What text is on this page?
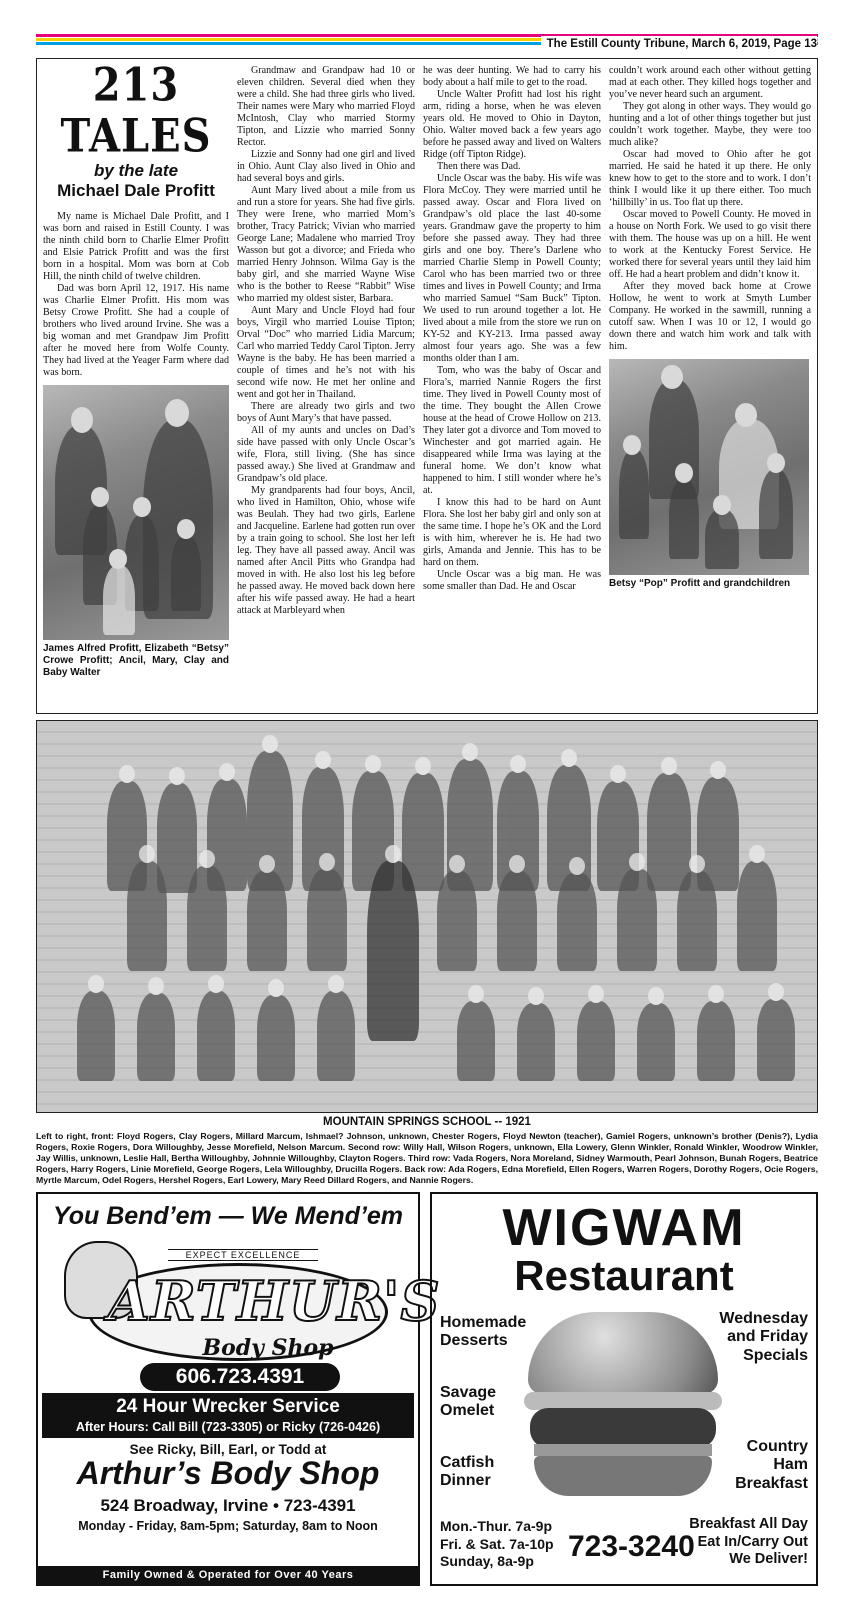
The Estill County Tribune, March 6, 2019, Page 13
213 TALES
by the late
Michael Dale Profitt

My name is Michael Dale Profitt, and I was born and raised in Estill County. I was the ninth child born to Charlie Elmer Profitt and Elsie Patrick Profitt and was the first born in a hospital. Mom was born at Cob Hill, the ninth child of twelve children.

Dad was born April 12, 1917. His name was Charlie Elmer Profitt. His mom was Betsy Crowe Profitt. She had a couple of brothers who lived around Irvine. She was a big woman and met Grandpaw Jim Profitt after he moved here from Wolfe County. They had lived at the Yeager Farm where dad was born.

James Alfred Profitt, Elizabeth “Betsy” Crowe Profitt; Ancil, Mary, Clay and Baby Walter

Grandmaw and Grandpaw had 10 or eleven children. Several died when they were a child. She had three girls who lived. Their names were Mary who married Floyd McIntosh, Clay who married Stormy Tipton, and Lizzie who married Sonny Rector.

Lizzie and Sonny had one girl and lived in Ohio. Aunt Clay also lived in Ohio and had several boys and girls.

Aunt Mary lived about a mile from us and run a store for years. She had five girls. They were Irene, who married Mom’s brother, Tracy Patrick; Vivian who married George Lane; Madalene who married Troy Wasson but got a divorce; and Frieda who married Henry Johnson. Wilma Gay is the baby girl, and she married Wayne Wise who is the bother to Reese “Rabbit” Wise who married my oldest sister, Barbara.

Aunt Mary and Uncle Floyd had four boys, Virgil who married Louise Tipton; Orval “Doc” who married Lidia Marcum; Carl who married Teddy Carol Tipton. Jerry Wayne is the baby. He has been married a couple of times and he’s not with his second wife now. He met her online and went and got her in Thailand.

There are already two girls and two boys of Aunt Mary’s that have passed.

All of my aunts and uncles on Dad’s side have passed with only Uncle Oscar’s wife, Flora, still living. (She has since passed away.) She lived at Grandmaw and Grandpaw’s old place.

My grandparents had four boys, Ancil, who lived in Hamilton, Ohio, whose wife was Beulah. They had two girls, Earlene and Jacqueline. Earlene had gotten run over by a train going to school. She lost her left leg. They have all passed away. Ancil was named after Ancil Pitts who Grandpa had moved in with. He also lost his leg before he passed away. He moved back down here after his wife passed away. He had a heart attack at Marbleyard when

he was deer hunting. We had to carry his body about a half mile to get to the road.

Uncle Walter Profitt had lost his right arm, riding a horse, when he was eleven years old. He moved to Ohio in Dayton, Ohio. Walter moved back a few years ago before he passed away and lived on Walters Ridge (off Tipton Ridge).

Then there was Dad.

Uncle Oscar was the baby. His wife was Flora McCoy. They were married until he passed away. Oscar and Flora lived on Grandpaw’s old place the last 40-some years. Grandmaw gave the property to him before she passed away. They had three girls and one boy. There’s Darlene who married Charlie Slemp in Powell County; Carol who has been married two or three times and lives in Powell County; and Irma who married Samuel “Sam Buck” Tipton. We used to run around together a lot. He lived about a mile from the store we run on KY-52 and KY-213. Irma passed away almost four years ago. She was a few months older than I am.

Tom, who was the baby of Oscar and Flora’s, married Nannie Rogers the first time. They lived in Powell County most of the time. They bought the Allen Crowe house at the head of Crowe Hollow on 213. They later got a divorce and Tom moved to Winchester and got married again. He disappeared while Irma was laying at the funeral home. We don’t know what happened to him. I still wonder where he’s at.

I know this had to be hard on Aunt Flora. She lost her baby girl and only son at the same time. I hope he’s OK and the Lord is with him, wherever he is. He had two girls, Amanda and Jennie. This has to be hard on them.

Uncle Oscar was a big man. He was some smaller than Dad. He and Oscar

couldn’t work around each other without getting mad at each other. They killed hogs together and you’ve never heard such an argument.

They got along in other ways. They would go hunting and a lot of other things together but just couldn’t work together. Maybe, they were too much alike?

Oscar had moved to Ohio after he got married. He said he hated it up there. He only knew how to get to the store and to work. I don’t think I would like it up there either. Too much ‘hillbilly’ in us. Too flat up there.

Oscar moved to Powell County. He moved in a house on North Fork. We used to go visit there with them. The house was up on a hill. He went to work at the Kentucky Forest Service. He worked there for several years until they laid him off. He had a heart problem and didn’t know it.

After they moved back home at Crowe Hollow, he went to work at Smyth Lumber Company. He worked in the sawmill, running a cutoff saw. When I was 10 or 12, I would go down there and watch him work and talk with him.

Betsy “Pop” Profitt and grandchildren
MOUNTAIN SPRINGS SCHOOL -- 1921
Left to right, front: Floyd Rogers, Clay Rogers, Millard Marcum, Ishmael? Johnson, unknown, Chester Rogers, Floyd Newton (teacher), Gamiel Rogers, unknown’s brother (Denis?), Lydia Rogers, Roxie Rogers, Dora Willoughby, Jesse Morefield, Nelson Marcum. Second row: Willy Hall, Wilson Rogers, unknown, Ella Lowery, Glenn Winkler, Ronald Winkler, Woodrow Winkler, Jay Willis, unknown, Leslie Hall, Bertha Willoughby, Johnnie Willoughby, Clayton Rogers. Third row: Vada Rogers, Nora Moreland, Sidney Warmouth, Pearl Johnson, Bunah Rogers, Beatrice Rogers, Harry Rogers, Linie Morefield, George Rogers, Lela Willoughby, Drucilla Rogers. Back row: Ada Rogers, Edna Morefield, Ellen Rogers, Warren Rogers, Dorothy Rogers, Ocie Rogers, Myrtle Marcum, Odel Rogers, Hershel Rogers, Earl Lowery, Mary Reed Dillard Rogers, and Nannie Rogers.
You Bend’em — We Mend’em
EXPECT EXCELLENCE
ARTHUR'S
Body Shop
606.723.4391
24 Hour Wrecker Service
After Hours: Call Bill (723-3305) or Ricky (726-0426)
See Ricky, Bill, Earl, or Todd at
Arthur’s Body Shop
524 Broadway, Irvine • 723-4391
Monday - Friday, 8am-5pm; Saturday, 8am to Noon
Family Owned & Operated for Over 40 Years
WIGWAM
Restaurant
Homemade Desserts
Wednesday and Friday Specials
Savage Omelet
Catfish Dinner
Country Ham Breakfast
Mon.-Thur. 7a-9p
Fri. & Sat. 7a-10p
Sunday, 8a-9p	723-3240
Breakfast All Day
Eat In/Carry Out
We Deliver!
